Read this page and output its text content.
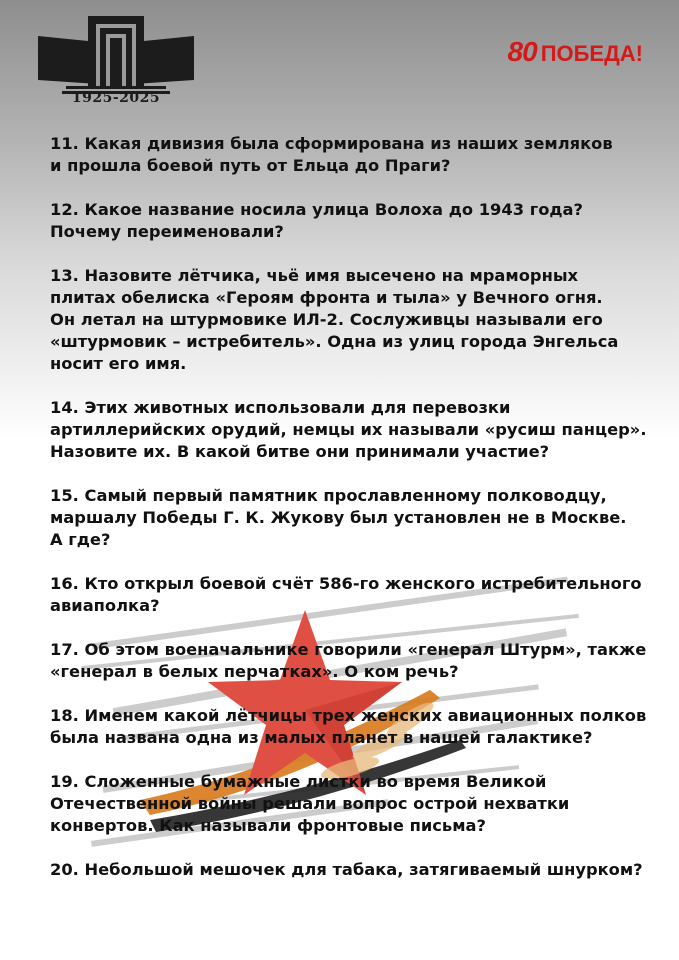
1925-2025
80 ПОБЕДА!
11. Какая дивизия была сформирована из наших земляков
и прошла боевой путь от Ельца до Праги?
12. Какое название носила улица Волоха до 1943 года?
Почему переименовали?
13. Назовите лётчика, чьё имя высечено на мраморных
плитах обелиска «Героям фронта и тыла» у Вечного огня.
Он летал на штурмовике ИЛ-2. Сослуживцы называли его
«штурмовик – истребитель». Одна из улиц города Энгельса
носит его имя.
14. Этих животных использовали для перевозки
артиллерийских орудий, немцы их называли «русиш панцер».
Назовите их. В какой битве они принимали участие?
15. Самый первый памятник прославленному полководцу,
маршалу Победы Г. К. Жукову был установлен не в Москве.
А где?
16. Кто открыл боевой счёт 586-го женского истребительного
авиаполка?
17. Об этом военачальнике говорили «генерал Штурм», также
«генерал в белых перчатках». О ком речь?
18. Именем какой лётчицы трех женских авиационных полков
была названа одна из малых планет в нашей галактике?
19. Сложенные бумажные листки во время Великой
Отечественной войны решали вопрос острой нехватки
конвертов. Как называли фронтовые письма?
20. Небольшой мешочек для табака, затягиваемый шнурком?
